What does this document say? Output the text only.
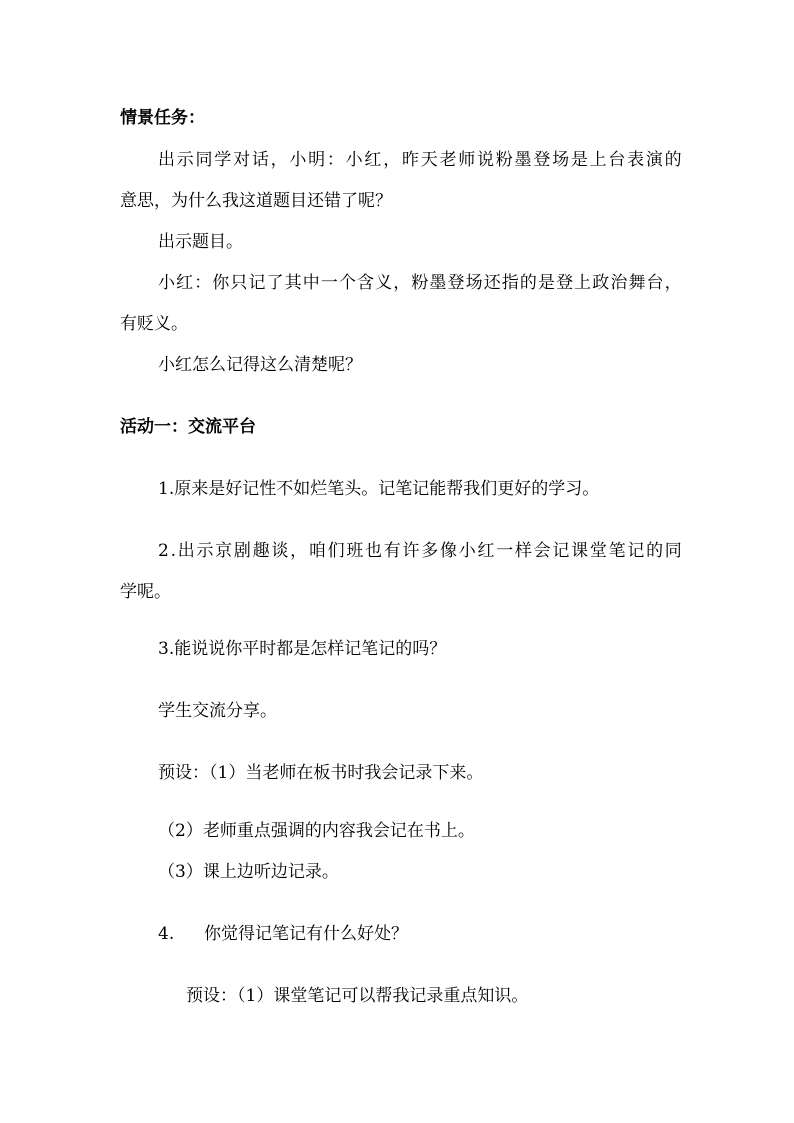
情景任务：
出 示 同 学 对 话 ， 小 明 ： 小 红 ， 昨 天 老 师 说 粉 墨 登 场 是 上 台 表 演 的
意思，为什么我这道题目还错了呢？
出示题目。
小 红 ： 你 只 记 了 其 中 一 个 含 义 ， 粉 墨 登 场 还 指 的 是 登 上 政 治 舞 台 ，
有贬义。
小红怎么记得这么清楚呢？
活动一：交流平台
1.原来是好记性不如烂笔头。记笔记能帮我们更好的学习。
2 . 出 示 京 剧 趣 谈 ， 咱 们 班 也 有 许 多 像 小 红 一 样 会 记 课 堂 笔 记 的 同
学呢。
3.能说说你平时都是怎样记笔记的吗？
学生交流分享。
预设：（1）当老师在板书时我会记录下来。
（2）老师重点强调的内容我会记在书上。
（3）课上边听边记录。
4. 你觉得记笔记有什么好处？
预设：（1）课堂笔记可以帮我记录重点知识。
